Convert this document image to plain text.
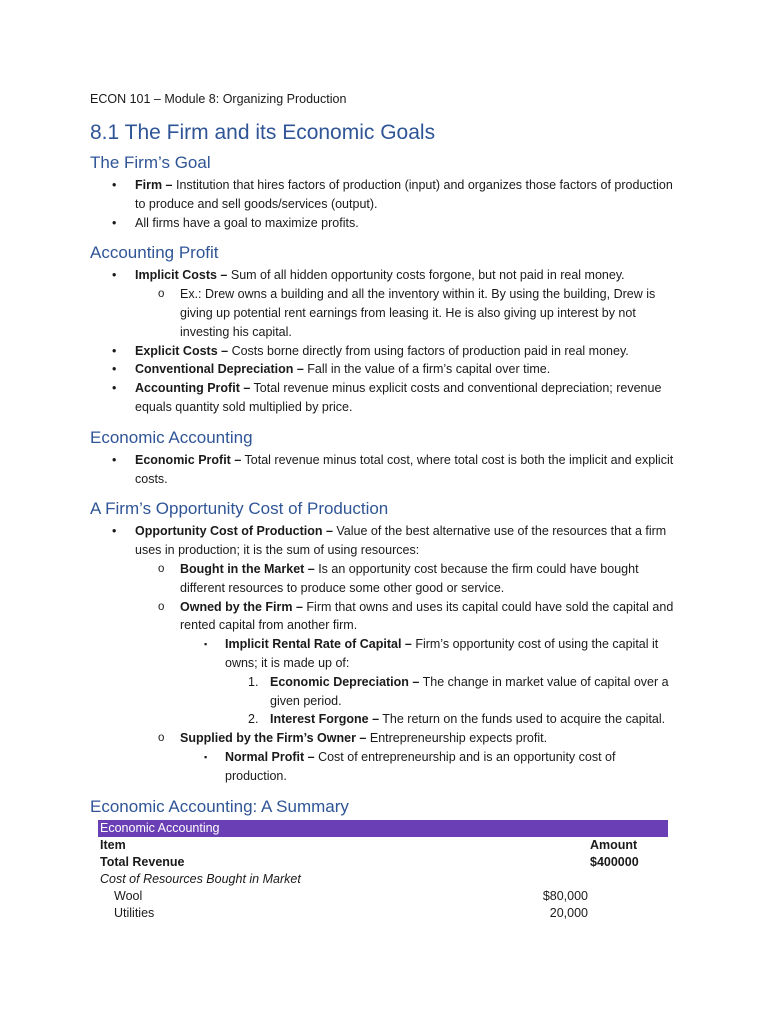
ECON 101 – Module 8: Organizing Production
8.1 The Firm and its Economic Goals
The Firm’s Goal
• Firm – Institution that hires factors of production (input) and organizes those factors of production to produce and sell goods/services (output).
• All firms have a goal to maximize profits.
Accounting Profit
• Implicit Costs – Sum of all hidden opportunity costs forgone, but not paid in real money.
o Ex.: Drew owns a building and all the inventory within it. By using the building, Drew is giving up potential rent earnings from leasing it. He is also giving up interest by not investing his capital.
• Explicit Costs – Costs borne directly from using factors of production paid in real money.
• Conventional Depreciation – Fall in the value of a firm’s capital over time.
• Accounting Profit – Total revenue minus explicit costs and conventional depreciation; revenue equals quantity sold multiplied by price.
Economic Accounting
• Economic Profit – Total revenue minus total cost, where total cost is both the implicit and explicit costs.
A Firm’s Opportunity Cost of Production
• Opportunity Cost of Production – Value of the best alternative use of the resources that a firm uses in production; it is the sum of using resources:
o Bought in the Market – Is an opportunity cost because the firm could have bought different resources to produce some other good or service.
o Owned by the Firm – Firm that owns and uses its capital could have sold the capital and rented capital from another firm.
▪ Implicit Rental Rate of Capital – Firm’s opportunity cost of using the capital it owns; it is made up of:
1. Economic Depreciation – The change in market value of capital over a given period.
2. Interest Forgone – The return on the funds used to acquire the capital.
o Supplied by the Firm’s Owner – Entrepreneurship expects profit.
▪ Normal Profit – Cost of entrepreneurship and is an opportunity cost of production.
Economic Accounting: A Summary
Economic Accounting		
Item		Amount
Total Revenue		$400000
Cost of Resources Bought in Market		
Wool	$80,000	
Utilities	20,000	
